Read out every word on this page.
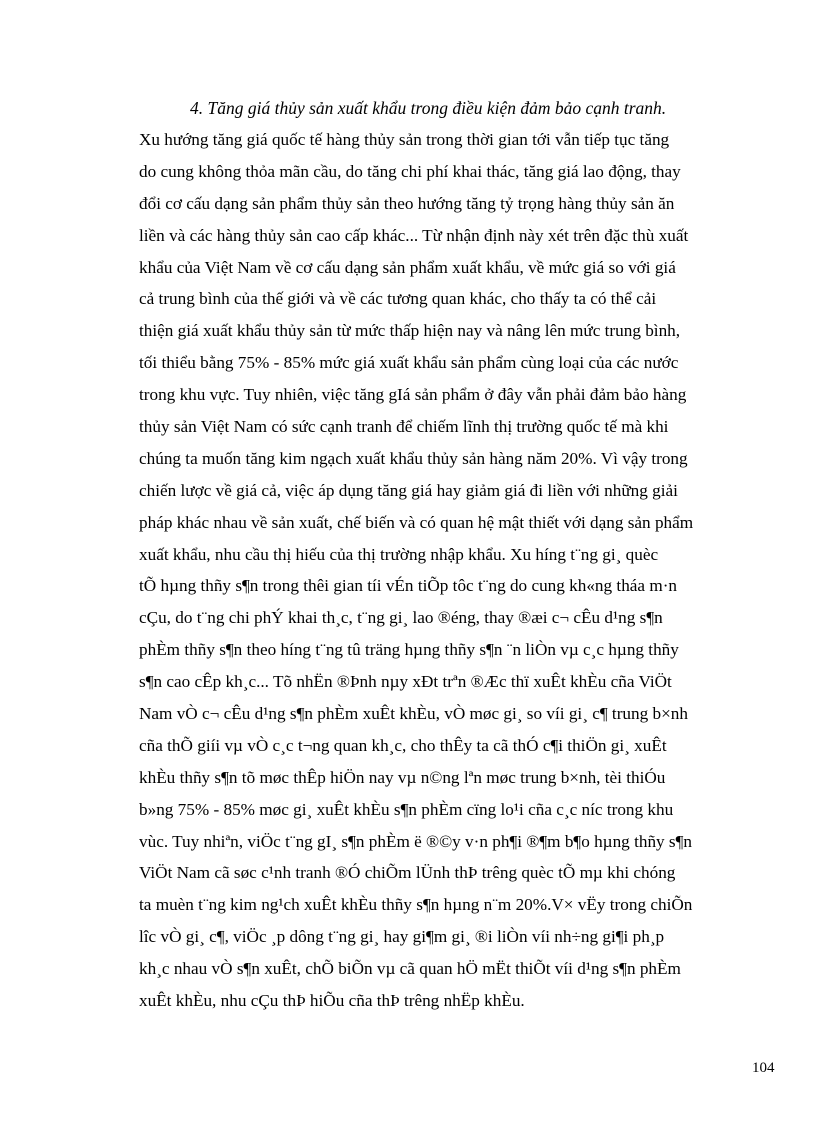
4. Tăng giá thủy sản xuất khẩu trong điều kiện đảm bảo cạnh tranh.
Xu hướng tăng giá quốc tế hàng thủy sản trong thời gian tới vẫn tiếp tục tăng
do cung không thỏa mãn cầu, do tăng chi phí khai thác, tăng giá lao động, thay
đổi cơ cấu dạng sản phẩm thủy sản theo hướng tăng tỷ trọng hàng thủy sản ăn
liền và các hàng thủy sản cao cấp khác... Từ nhận định này xét trên đặc thù xuất
khẩu của Việt Nam về cơ cấu dạng sản phẩm xuất khẩu, về mức giá so với giá
cả trung bình của thế giới và về các tương quan khác, cho thấy ta có thể cải
thiện giá xuất khẩu thủy sản từ mức thấp hiện nay và nâng lên mức trung bình,
tối thiểu bằng 75% - 85% mức giá xuất khẩu sản phẩm cùng loại của các nước
trong khu vực. Tuy nhiên, việc tăng gIá sản phẩm ở đây vẫn phải đảm bảo hàng
thủy sản Việt Nam có sức cạnh tranh để chiếm lĩnh thị trường quốc tế mà khi
chúng ta muốn tăng kim ngạch xuất khẩu thủy sản hàng năm 20%. Vì vậy trong
chiến lược về giá cả, việc áp dụng tăng giá hay giảm giá đi liền với những giải
pháp khác nhau về sản xuất, chế biến và có quan hệ mật thiết với dạng sản phẩm
xuất khẩu, nhu cầu thị hiếu của thị trường nhập khẩu. Xu híng t¨ng gi¸ quèc
tÕ hµng thñy s¶n trong thêi gian tíi vÉn tiÕp tôc t¨ng do cung kh«ng tháa m·n
cÇu, do t¨ng chi phÝ khai th¸c, t¨ng gi¸ lao ®éng, thay ®æi c¬ cÊu d¹ng s¶n
phÈm thñy s¶n theo híng t¨ng tû träng hµng thñy s¶n ¨n liÒn vµ c¸c hµng thñy
s¶n cao cÊp kh¸c... Tõ nhËn ®Þnh nµy xÐt trªn ®Æc thï xuÊt khÈu cña ViÖt
Nam vÒ c¬ cÊu d¹ng s¶n phÈm xuÊt khÈu, vÒ møc gi¸ so víi gi¸ c¶ trung b×nh
cña thÕ giíi vµ vÒ c¸c t¬ng quan kh¸c, cho thÊy ta cã thÓ c¶i thiÖn gi¸ xuÊt
khÈu thñy s¶n tõ møc thÊp hiÖn nay vµ n©ng lªn møc trung b×nh, tèi thiÓu
b»ng 75% - 85% møc gi¸ xuÊt khÈu s¶n phÈm cïng lo¹i cña c¸c níc trong khu
vùc. Tuy nhiªn, viÖc t¨ng gI¸ s¶n phÈm ë ®©y v·n ph¶i ®¶m b¶o hµng thñy s¶n
ViÖt Nam cã søc c¹nh tranh ®Ó chiÕm lÜnh thÞ trêng quèc tÕ mµ khi chóng
ta muèn t¨ng kim ng¹ch xuÊt khÈu thñy s¶n hµng n¨m 20%.V× vËy trong chiÕn
lîc vÒ gi¸ c¶, viÖc ¸p dông t¨ng gi¸ hay gi¶m gi¸ ®i liÒn víi nh÷ng gi¶i ph¸p
kh¸c nhau vÒ s¶n xuÊt, chÕ biÕn vµ cã quan hÖ mËt thiÕt víi d¹ng s¶n phÈm
xuÊt khÈu, nhu cÇu thÞ hiÕu cña thÞ trêng nhËp khÈu.
104
